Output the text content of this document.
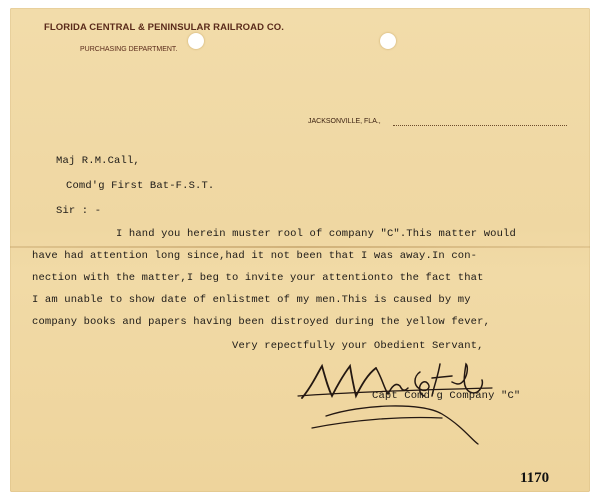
FLORIDA CENTRAL & PENINSULAR RAILROAD CO.
PURCHASING DEPARTMENT.
JACKSONVILLE, FLA.,

Maj R.M.Call,

Comd'g First Bat-F.S.T.

Sir : -

I hand you herein muster rool of company "C".This matter would

have had attention long since,had it not been that I was away.In con-

nection with the matter,I beg to invite your attentionto the fact that

I am unable to show date of enlistmet of my men.This is caused by my

company books and papers having been distroyed during the yellow fever,

Very repectfully your Obedient Servant,

Capt Comd'g Company "C"

1170
